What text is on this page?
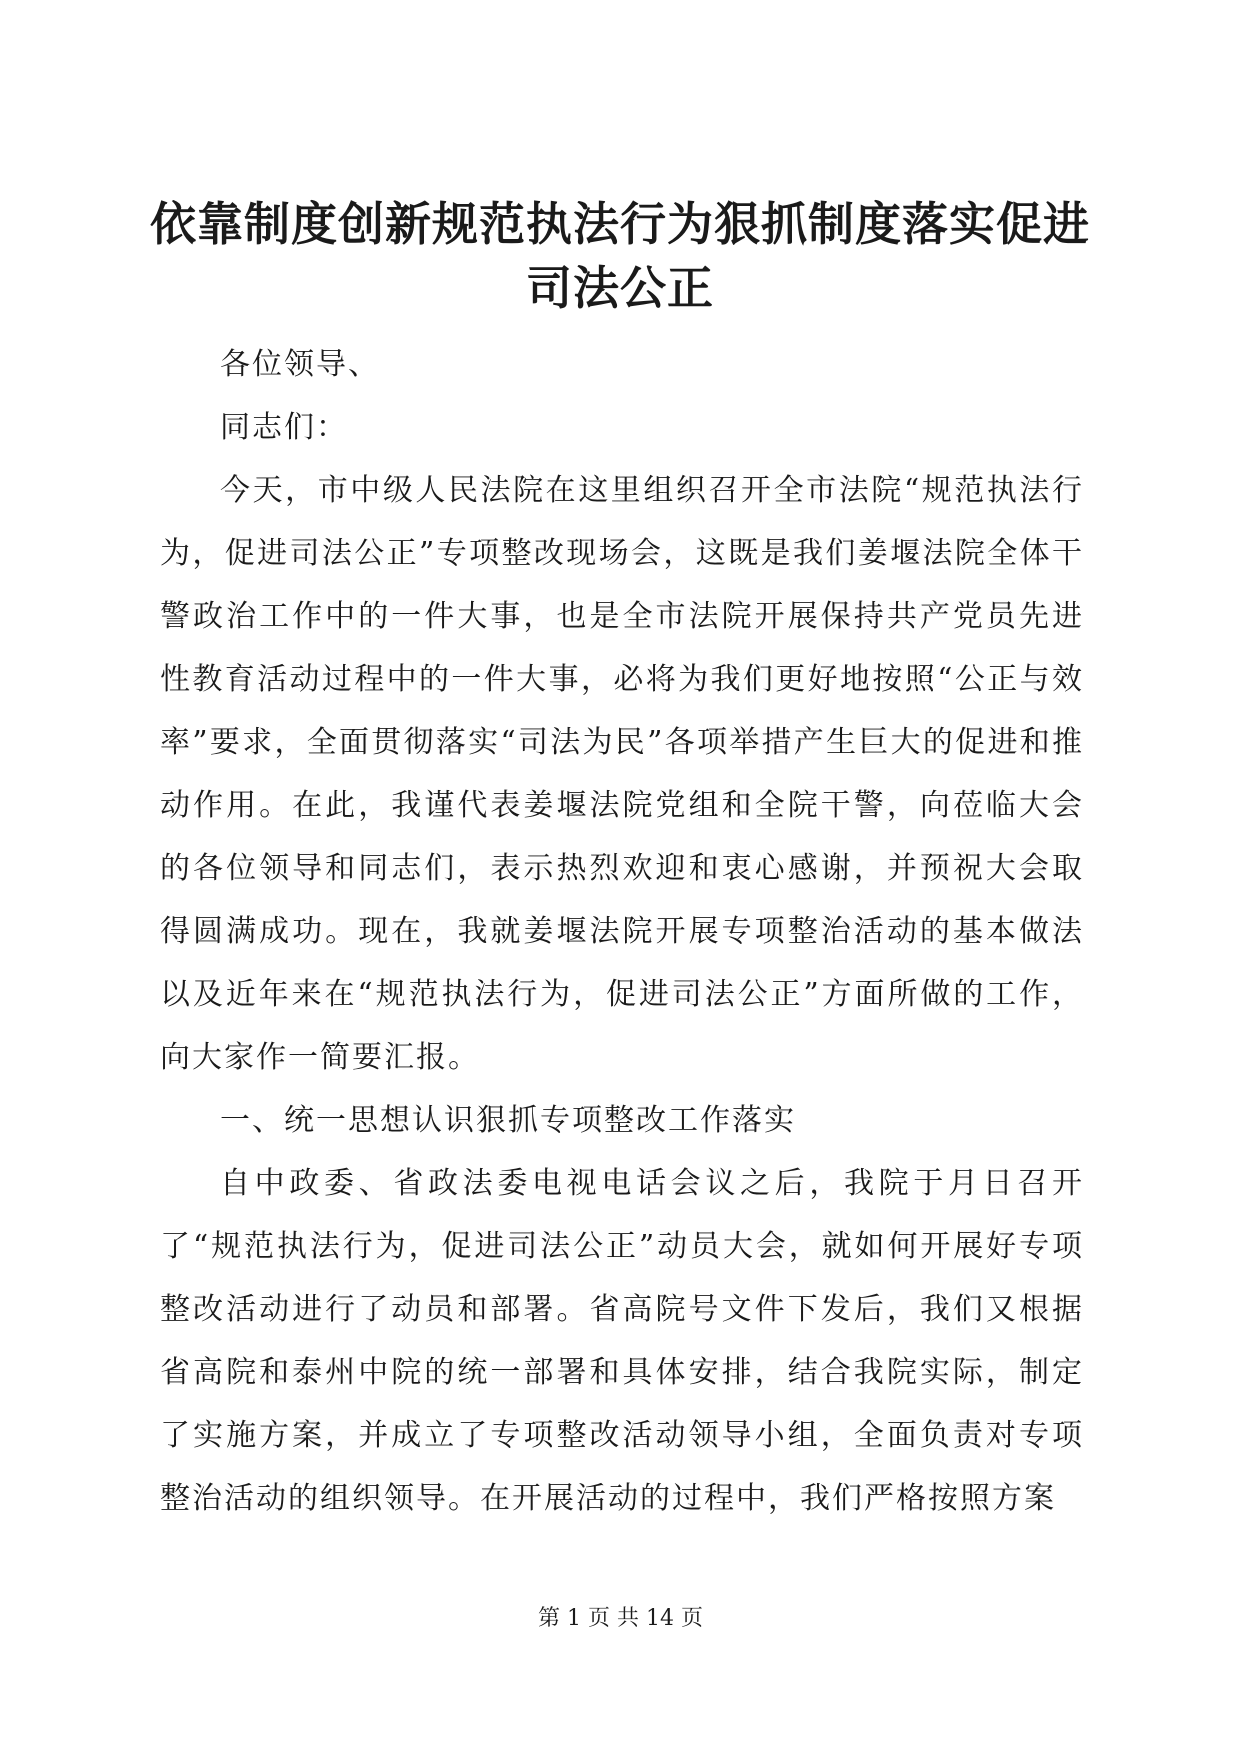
依靠制度创新规范执法行为狠抓制度落实促进司法公正

各位领导、

同志们：

今天，市中级人民法院在这里组织召开全市法院“规范执法行为，促进司法公正”专项整改现场会，这既是我们姜堰法院全体干警政治工作中的一件大事，也是全市法院开展保持共产党员先进性教育活动过程中的一件大事，必将为我们更好地按照“公正与效率”要求，全面贯彻落实“司法为民”各项举措产生巨大的促进和推动作用。在此，我谨代表姜堰法院党组和全院干警，向莅临大会的各位领导和同志们，表示热烈欢迎和衷心感谢，并预祝大会取得圆满成功。现在，我就姜堰法院开展专项整治活动的基本做法以及近年来在“规范执法行为，促进司法公正”方面所做的工作，向大家作一简要汇报。

一、统一思想认识狠抓专项整改工作落实

自中政委、省政法委电视电话会议之后，我院于月日召开了“规范执法行为，促进司法公正”动员大会，就如何开展好专项整改活动进行了动员和部署。省高院号文件下发后，我们又根据省高院和泰州中院的统一部署和具体安排，结合我院实际，制定了实施方案，并成立了专项整改活动领导小组，全面负责对专项整治活动的组织领导。在开展活动的过程中，我们严格按照方案

第 1 页 共 14 页
